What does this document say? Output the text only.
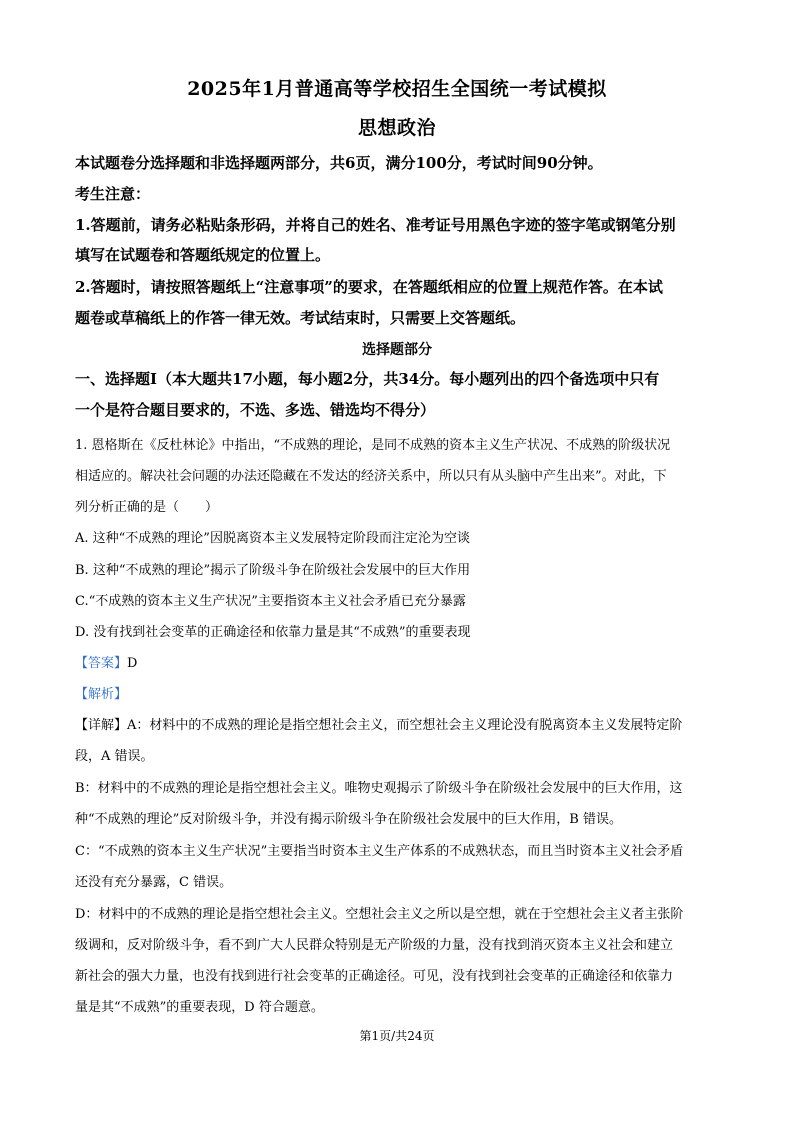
2025年1月普通高等学校招生全国统一考试模拟
思想政治
本试题卷分选择题和非选择题两部分，共6页，满分100分，考试时间90分钟。
考生注意：
1.答题前，请务必粘贴条形码，并将自己的姓名、准考证号用黑色字迹的签字笔或钢笔分别
填写在试题卷和答题纸规定的位置上。
2.答题时，请按照答题纸上“注意事项”的要求，在答题纸相应的位置上规范作答。在本试
题卷或草稿纸上的作答一律无效。考试结束时，只需要上交答题纸。
选择题部分
一、选择题Ⅰ（本大题共17小题，每小题2分，共34分。每小题列出的四个备选项中只有
一个是符合题目要求的，不选、多选、错选均不得分）
1. 恩格斯在《反杜林论》中指出，“不成熟的理论，是同不成熟的资本主义生产状况、不成熟的阶级状况
相适应的。解决社会问题的办法还隐藏在不发达的经济关系中，所以只有从头脑中产生出来”。对此，下
列分析正确的是（　　）
A. 这种“不成熟的理论”因脱离资本主义发展特定阶段而注定沦为空谈
B. 这种“不成熟的理论”揭示了阶级斗争在阶级社会发展中的巨大作用
C.“不成熟的资本主义生产状况”主要指资本主义社会矛盾已充分暴露
D. 没有找到社会变革的正确途径和依靠力量是其“不成熟”的重要表现
【答案】D
【解析】
【详解】A：材料中的不成熟的理论是指空想社会主义，而空想社会主义理论没有脱离资本主义发展特定阶
段，A 错误。
B：材料中的不成熟的理论是指空想社会主义。唯物史观揭示了阶级斗争在阶级社会发展中的巨大作用，这
种“不成熟的理论”反对阶级斗争，并没有揭示阶级斗争在阶级社会发展中的巨大作用，B 错误。
C：“不成熟的资本主义生产状况”主要指当时资本主义生产体系的不成熟状态，而且当时资本主义社会矛盾
还没有充分暴露，C 错误。
D：材料中的不成熟的理论是指空想社会主义。空想社会主义之所以是空想，就在于空想社会主义者主张阶
级调和，反对阶级斗争，看不到广大人民群众特别是无产阶级的力量，没有找到消灭资本主义社会和建立
新社会的强大力量，也没有找到进行社会变革的正确途径。可见，没有找到社会变革的正确途径和依靠力
量是其“不成熟”的重要表现，D 符合题意。
第1页/共24页
